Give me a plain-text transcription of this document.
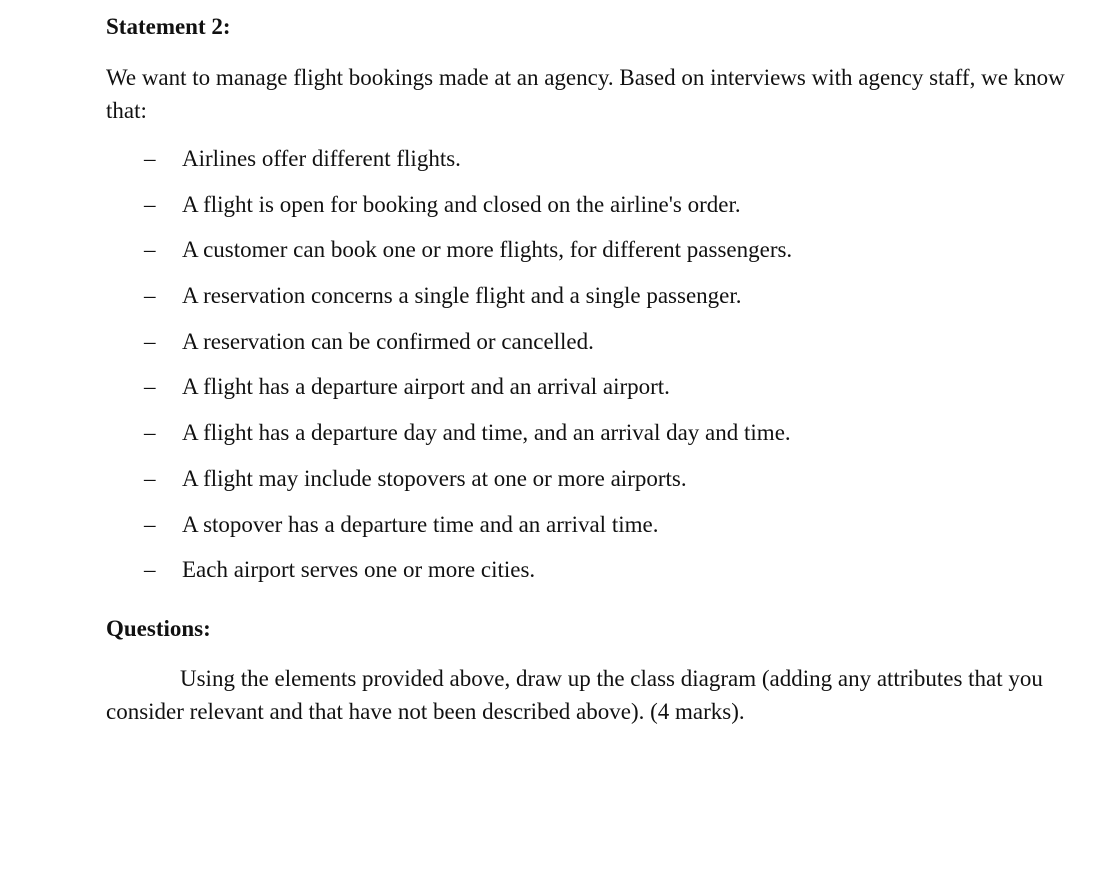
Statement 2:

We want to manage flight bookings made at an agency. Based on interviews with agency staff, we know that:

– Airlines offer different flights.
– A flight is open for booking and closed on the airline's order.
– A customer can book one or more flights, for different passengers.
– A reservation concerns a single flight and a single passenger.
– A reservation can be confirmed or cancelled.
– A flight has a departure airport and an arrival airport.
– A flight has a departure day and time, and an arrival day and time.
– A flight may include stopovers at one or more airports.
– A stopover has a departure time and an arrival time.
– Each airport serves one or more cities.
Questions:

Using the elements provided above, draw up the class diagram (adding any attributes that you consider relevant and that have not been described above). (4 marks).
